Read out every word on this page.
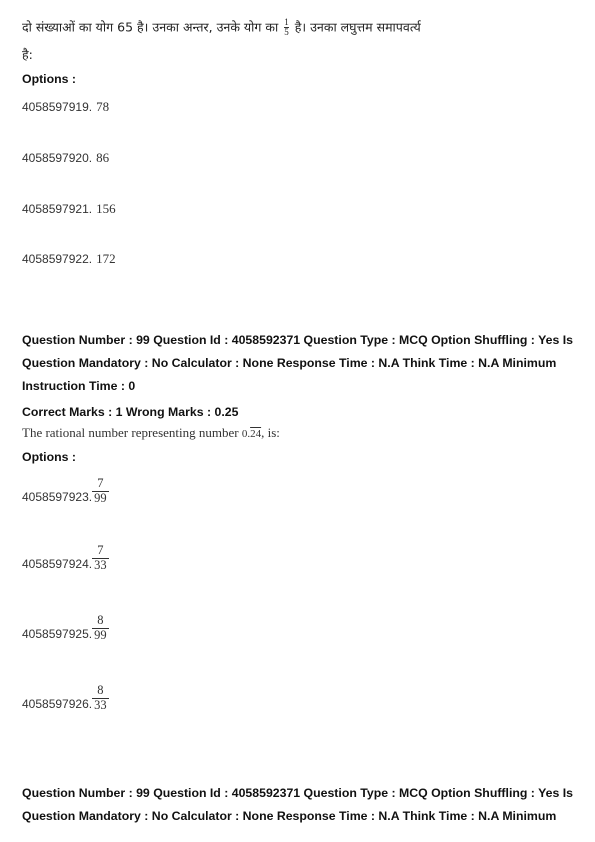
दो संख्याओं का योग 65 है। उनका अन्तर, उनके योग का $\frac{1}{5}$ है। उनका लघुत्तम समापवर्त्य
है:
Options :
4058597919. 78
4058597920. 86
4058597921. 156
4058597922. 172
Question Number : 99 Question Id : 4058592371 Question Type : MCQ Option Shuffling : Yes Is
Question Mandatory : No Calculator : None Response Time : N.A Think Time : N.A Minimum
Instruction Time : 0
Correct Marks : 1 Wrong Marks : 0.25
The rational number representing number 0.24, is:
Options :
4058597923. $\frac{7}{99}$
4058597924. $\frac{7}{33}$
4058597925. $\frac{8}{99}$
4058597926. $\frac{8}{33}$
Question Number : 99 Question Id : 4058592371 Question Type : MCQ Option Shuffling : Yes Is
Question Mandatory : No Calculator : None Response Time : N.A Think Time : N.A Minimum
